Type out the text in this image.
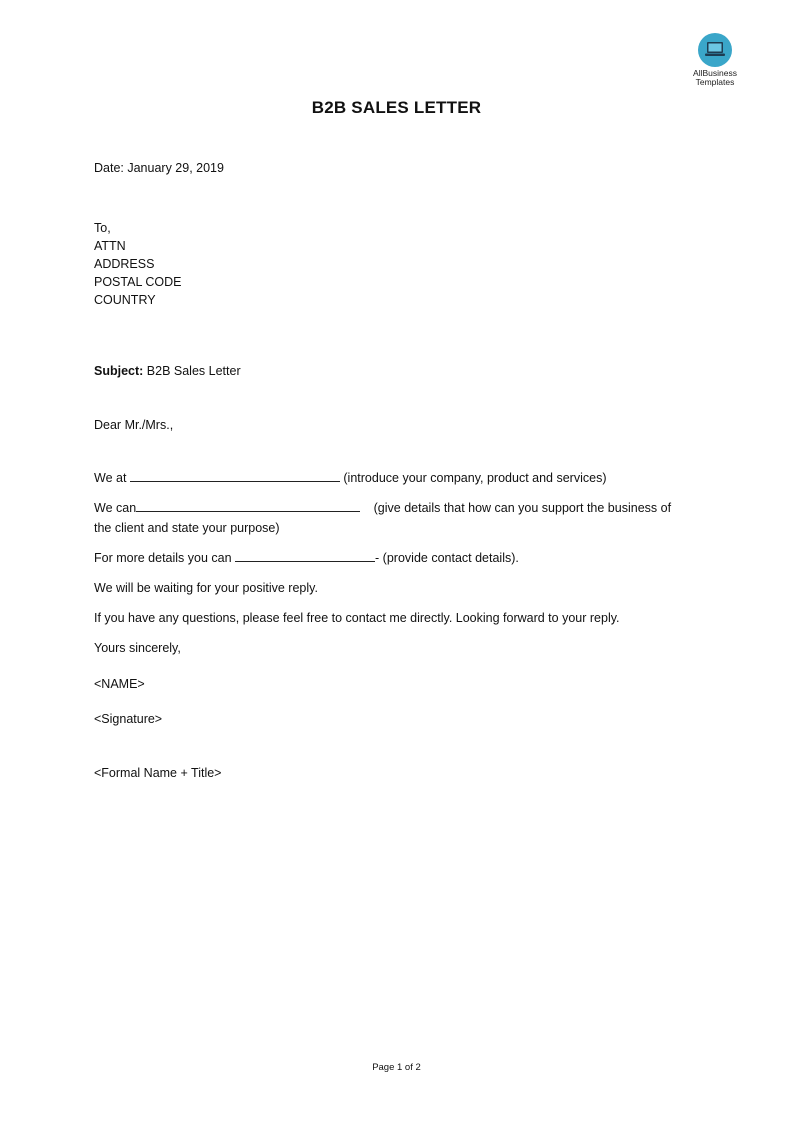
AllBusiness
Templates
B2B SALES LETTER
Date: January 29, 2019
To,
ATTN
ADDRESS
POSTAL CODE
COUNTRY
Subject: B2B Sales Letter
Dear Mr./Mrs.,
We at	(introduce your company, product and services)
We can	(give details that how can you support the business of
the client and state your purpose)
For more details you can	- (provide contact details).
We will be waiting for your positive reply.
If you have any questions, please feel free to contact me directly. Looking forward to your reply.
Yours sincerely,
<NAME>
<Signature>
<Formal Name + Title>
Page 1 of 2
